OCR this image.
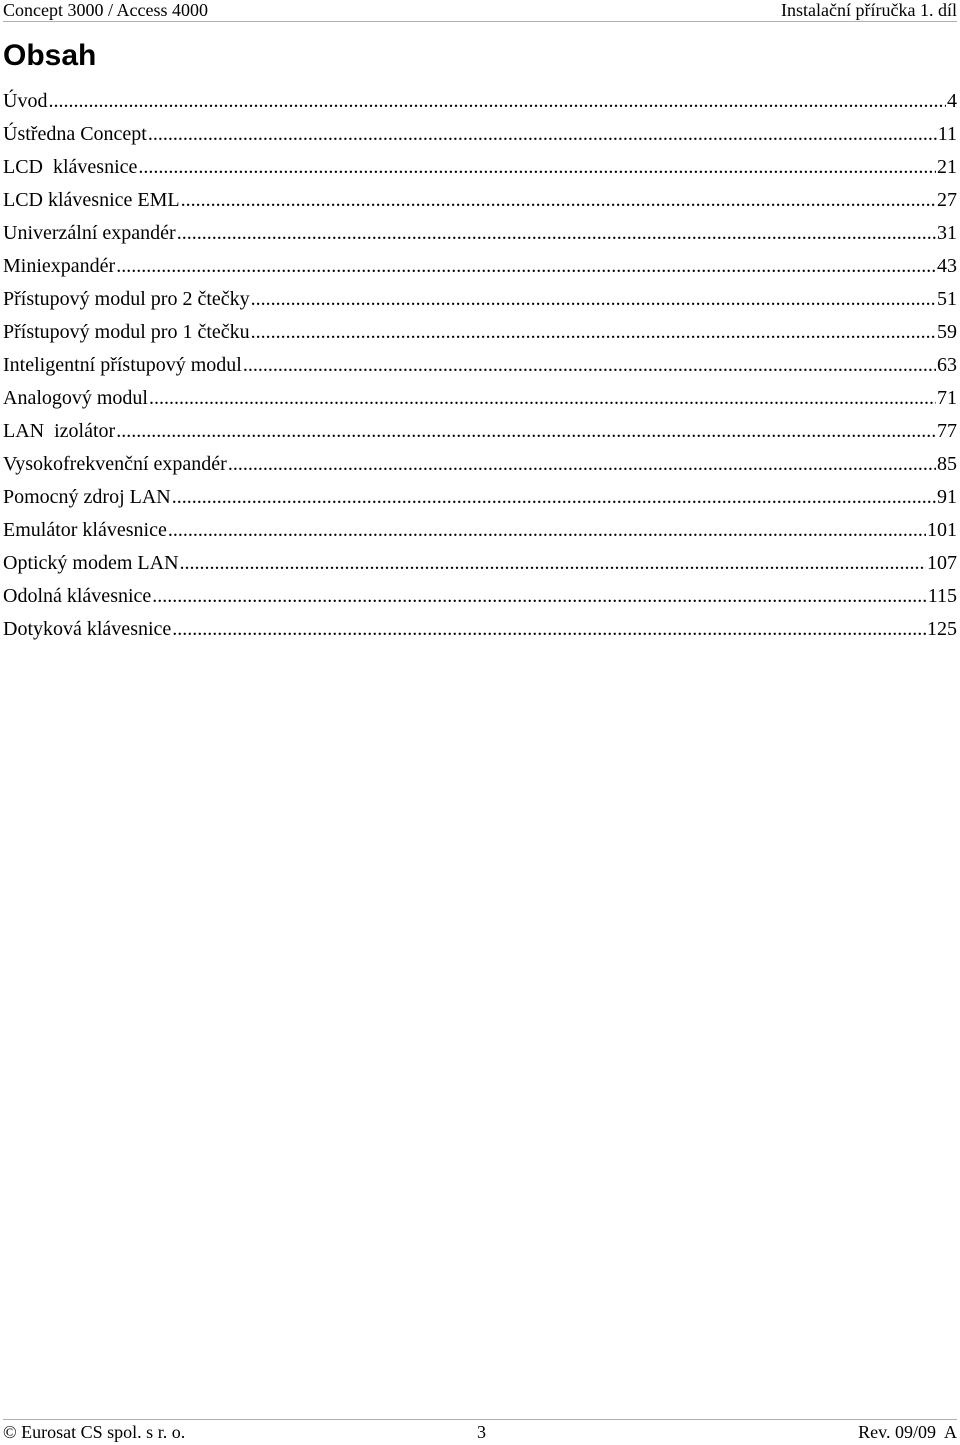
Concept 3000 / Access 4000	Instalační příručka 1. díl
Obsah
Úvod .....	4
Ústředna Concept .....	11
LCD  klávesnice .....	21
LCD klávesnice EML .....	27
Univerzální expandér .....	31
Miniexpandér .....	43
Přístupový modul pro 2 čtečky .....	51
Přístupový modul pro 1 čtečku .....	59
Inteligentní přístupový modul .....	63
Analogový modul .....	71
LAN  izolátor .....	77
Vysokofrekvenční expandér .....	85
Pomocný zdroj LAN .....	91
Emulátor klávesnice .....	101
Optický modem LAN .....	107
Odolná klávesnice .....	115
Dotyková klávesnice .....	125
© Eurosat CS spol. s r. o.	3	Rev. 09/09  A
